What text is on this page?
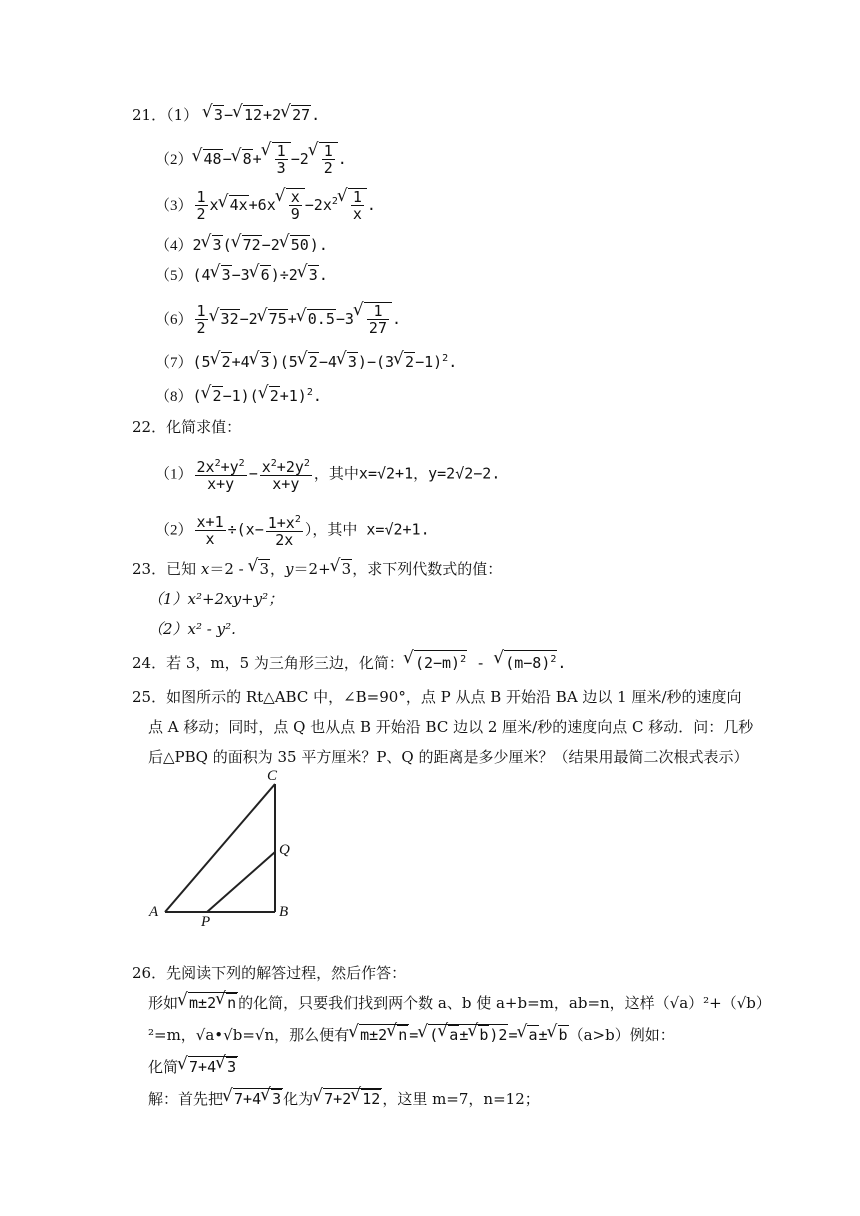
21．（1） √ 3−√ 12+2√ 27.
（2）√ 48−√ 8+
√ $\frac{1}{3} -2$
√ $\frac{1}{2}$ .
$(3) \frac{1}{2} x√$ 4x+6x
√ $\frac{x}{9} -2x^2$
√ $\frac{1}{x}$ .
（4）2√ 3(√ 72−2√ 50).
（5）(4√ 3−3√ 6)÷2√ 3.
$(6) \frac{1}{2}$
√ 32−2√ 75+√ 0.5−3
√ $\frac{1}{27}$ .
（7）(5√ 2+4√ 3)(5√ 2−4√ 3)−(3√ 2−1)$^2$.
（8）(√ 2−1)(√ 2+1)$^2$.
22．化简求值：
$(1) \frac{2x^2+y^2}{x+y} - \frac{x^2+2y^2}{x+y}$ ，其中x=√2+1，y=2√2−2.
$(2) \frac{x+1}{x} \div(x- \frac{1+x^2}{2x}$ ），其中 x=√2+1.
23．已知 x＝2 - √ 3，y＝2+√ 3，求下列代数式的值：
（1）x²+2xy+y²；
（2）x² - y².
24．若 3，m，5 为三角形三边，化简：√ $(2-m)^2$ - √ $(m-8)^2$.
25．如图所示的 Rt△ABC 中，∠B=90°，点 P 从点 B 开始沿 BA 边以 1 厘米/秒的速度向
点 A 移动；同时，点 Q 也从点 B 开始沿 BC 边以 2 厘米/秒的速度向点 C 移动．问：几秒
后△PBQ 的面积为 35 平方厘米？P、Q 的距离是多少厘米？（结果用最简二次根式表示）
C
Q
A
P
B
26．先阅读下列的解答过程，然后作答：
形如√ m±2√ n 的化简，只要我们找到两个数 a、b 使 a+b=m，ab=n，这样（√a）²+（√b）
²=m，√a•√b=√n，那么便有√ m±2√ n =√ (√ a±√ b)2=√ a±√ b（a>b）例如：
化简√ 7+4√ 3
解：首先把√ 7+4√ 3 化为√ 7+2√ 12 ，这里 m=7，n=12；
